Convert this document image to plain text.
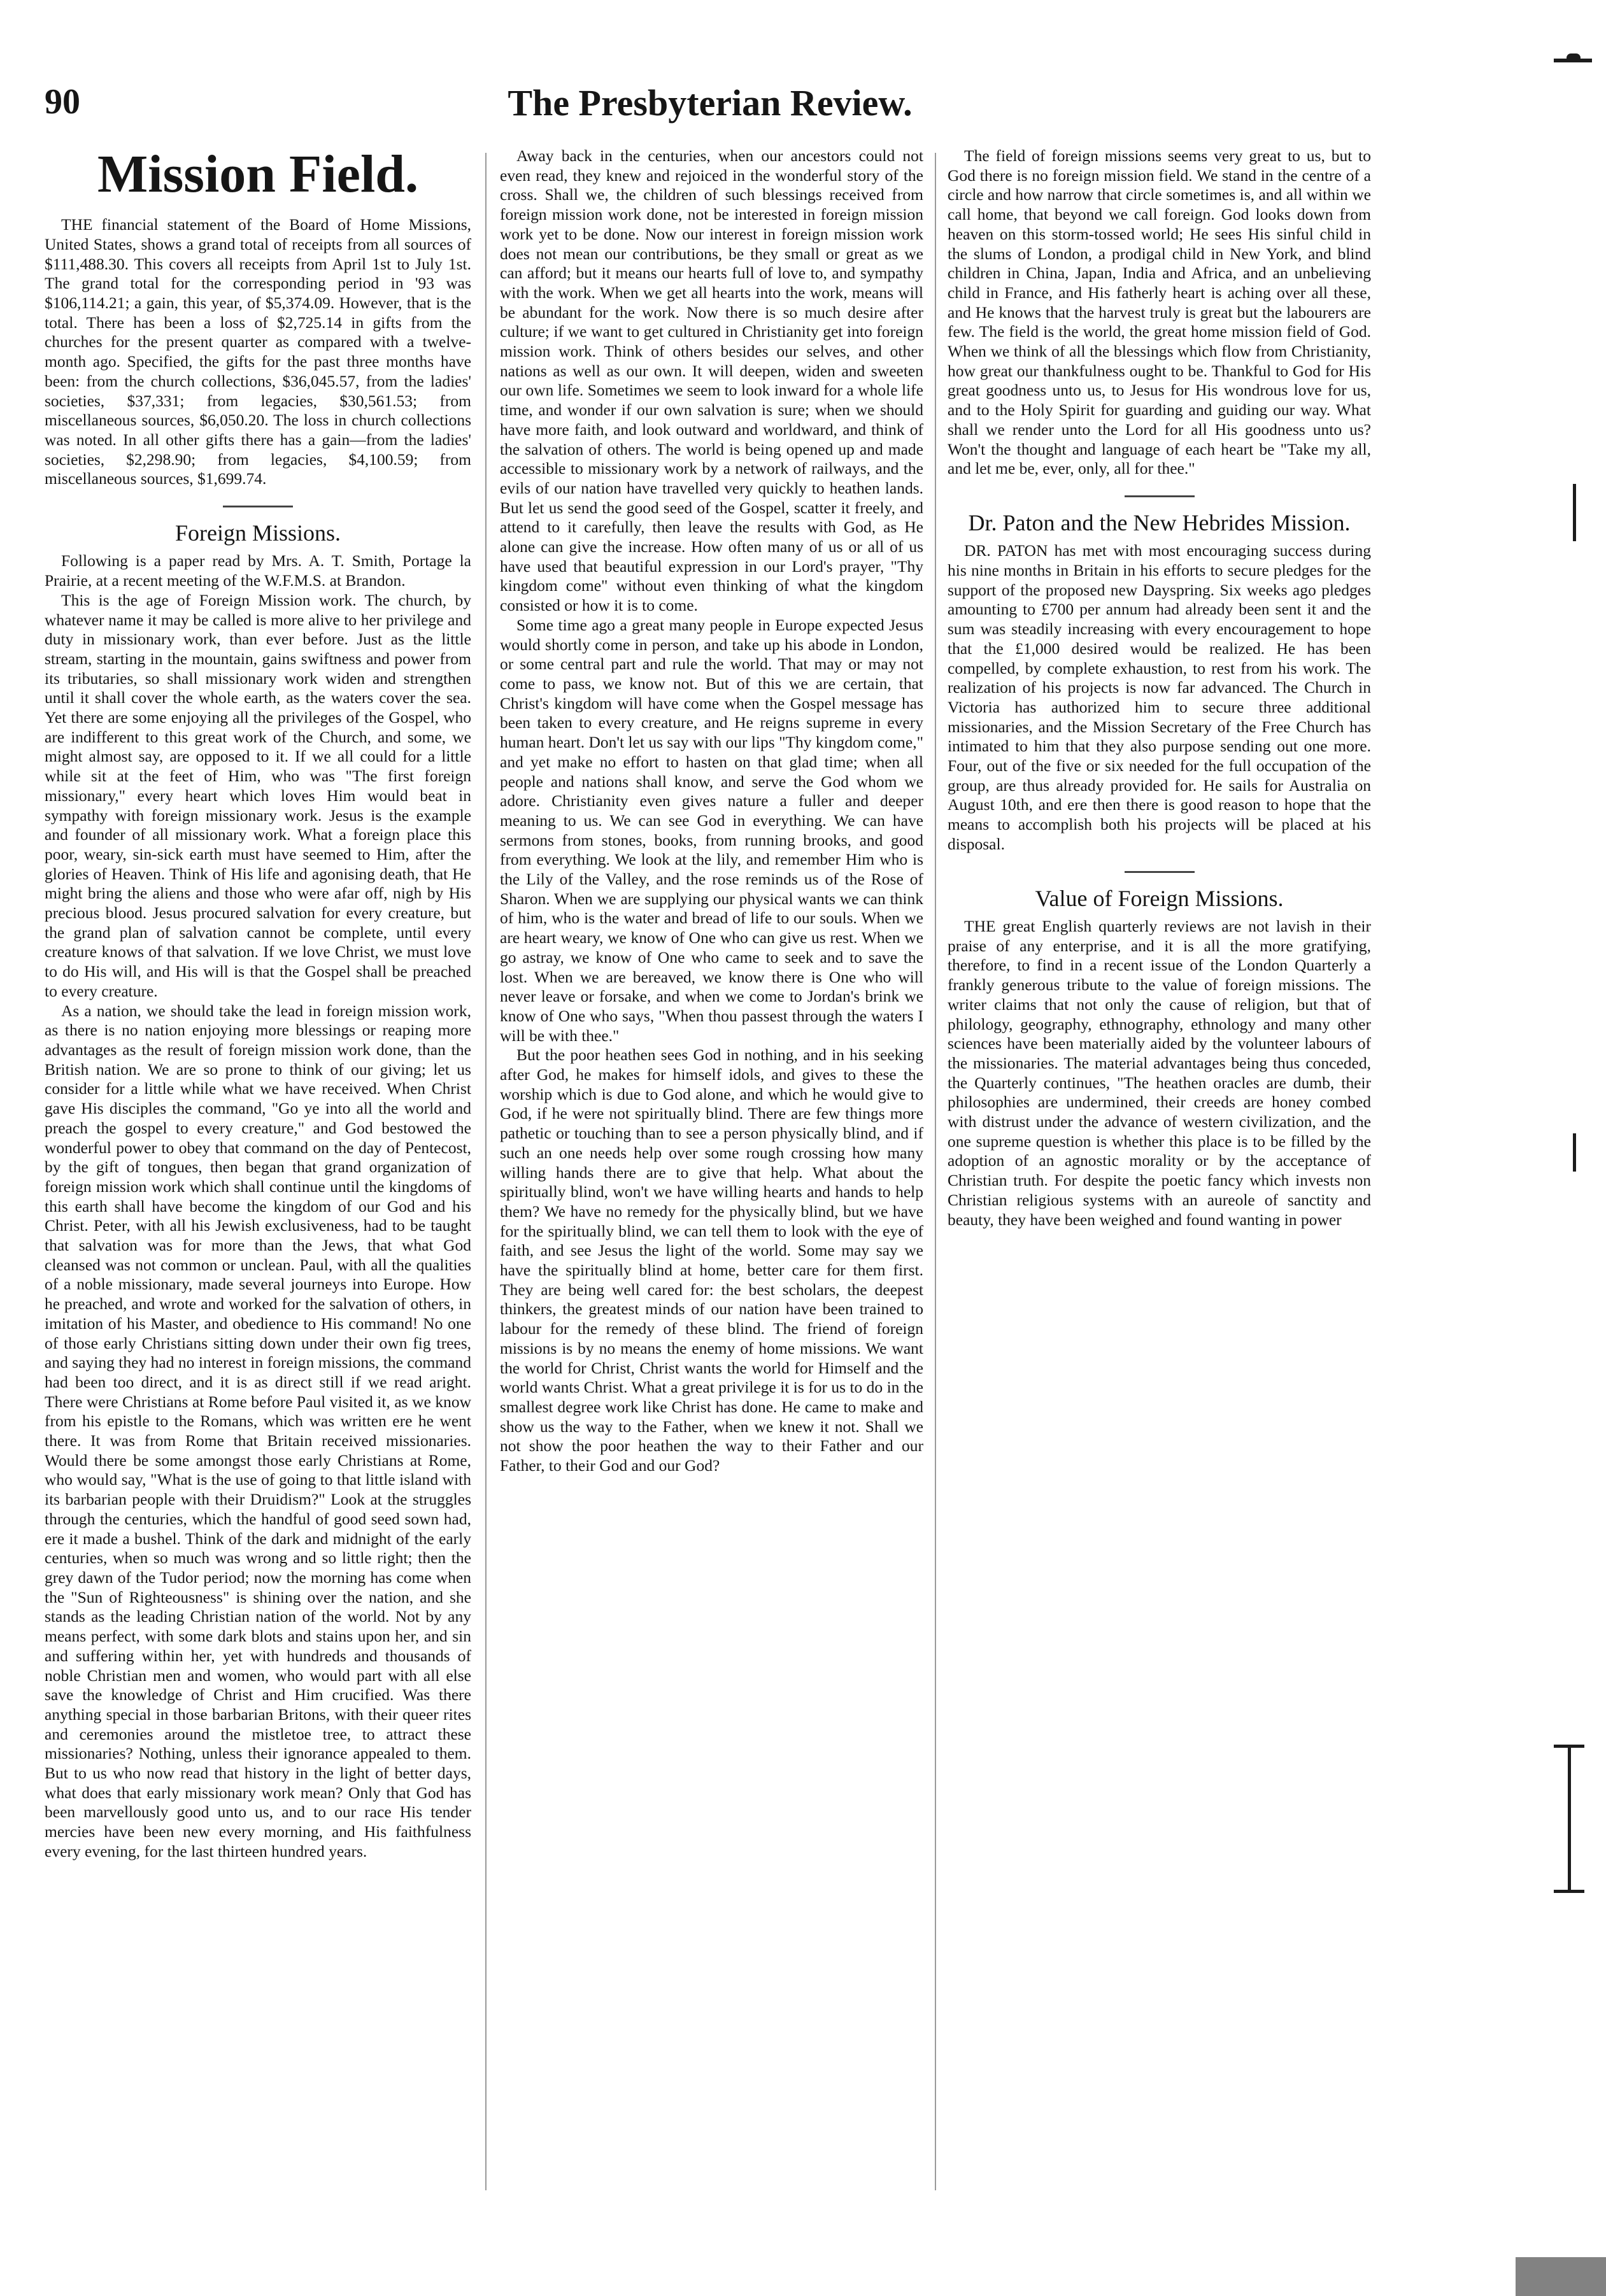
90	The Presbyterian Review.
Mission Field.

THE financial statement of the Board of Home Missions, United States, shows a grand total of receipts from all sources of $111,488.30. This covers all receipts from April 1st to July 1st. The grand total for the corresponding period in '93 was $106,114.21; a gain, this year, of $5,374.09. However, that is the total. There has been a loss of $2,725.14 in gifts from the churches for the present quarter as compared with a twelve-month ago. Specified, the gifts for the past three months have been: from the church collections, $36,045.57, from the ladies' societies, $37,331; from legacies, $30,561.53; from miscellaneous sources, $6,050.20. The loss in church collections was noted. In all other gifts there has a gain—from the ladies' societies, $2,298.90; from legacies, $4,100.59; from miscellaneous sources, $1,699.74.

Foreign Missions.

Following is a paper read by Mrs. A. T. Smith, Portage la Prairie, at a recent meeting of the W.F.M.S. at Brandon.

This is the age of Foreign Mission work. The church, by whatever name it may be called is more alive to her privilege and duty in missionary work, than ever before. Just as the little stream, starting in the mountain, gains swiftness and power from its tributaries, so shall missionary work widen and strengthen until it shall cover the whole earth, as the waters cover the sea. Yet there are some enjoying all the privileges of the Gospel, who are indifferent to this great work of the Church, and some, we might almost say, are opposed to it. If we all could for a little while sit at the feet of Him, who was "The first foreign missionary," every heart which loves Him would beat in sympathy with foreign missionary work. Jesus is the example and founder of all missionary work. What a foreign place this poor, weary, sin-sick earth must have seemed to Him, after the glories of Heaven. Think of His life and agonising death, that He might bring the aliens and those who were afar off, nigh by His precious blood. Jesus procured salvation for every creature, but the grand plan of salvation cannot be complete, until every creature knows of that salvation. If we love Christ, we must love to do His will, and His will is that the Gospel shall be preached to every creature.

As a nation, we should take the lead in foreign mission work, as there is no nation enjoying more blessings or reaping more advantages as the result of foreign mission work done, than the British nation. We are so prone to think of our giving; let us consider for a little while what we have received. When Christ gave His disciples the command, "Go ye into all the world and preach the gospel to every creature," and God bestowed the wonderful power to obey that command on the day of Pentecost, by the gift of tongues, then began that grand organization of foreign mission work which shall continue until the kingdoms of this earth shall have become the kingdom of our God and his Christ. Peter, with all his Jewish exclusiveness, had to be taught that salvation was for more than the Jews, that what God cleansed was not common or unclean. Paul, with all the qualities of a noble missionary, made several journeys into Europe. How he preached, and wrote and worked for the salvation of others, in imitation of his Master, and obedience to His command! No one of those early Christians sitting down under their own fig trees, and saying they had no interest in foreign missions, the command had been too direct, and it is as direct still if we read aright. There were Christians at Rome before Paul visited it, as we know from his epistle to the Romans, which was written ere he went there. It was from Rome that Britain received missionaries. Would there be some amongst those early Christians at Rome, who would say, "What is the use of going to that little island with its barbarian people with their Druidism?" Look at the struggles through the centuries, which the handful of good seed sown had, ere it made a bushel. Think of the dark and midnight of the early centuries, when so much was wrong and so little right; then the grey dawn of the Tudor period; now the morning has come when the "Sun of Righteousness" is shining over the nation, and she stands as the leading Christian nation of the world. Not by any means perfect, with some dark blots and stains upon her, and sin and suffering within her, yet with hundreds and thousands of noble Christian men and women, who would part with all else save the knowledge of Christ and Him crucified. Was there anything special in those barbarian Britons, with their queer rites and ceremonies around the mistletoe tree, to attract these missionaries? Nothing, unless their ignorance appealed to them. But to us who now read that history in the light of better days, what does that early missionary work mean? Only that God has been marvellously good unto us, and to our race His tender mercies have been new every morning, and His faithfulness every evening, for the last thirteen hundred years.

Away back in the centuries, when our ancestors could not even read, they knew and rejoiced in the wonderful story of the cross. Shall we, the children of such blessings received from foreign mission work done, not be interested in foreign mission work yet to be done. Now our interest in foreign mission work does not mean our contributions, be they small or great as we can afford; but it means our hearts full of love to, and sympathy with the work. When we get all hearts into the work, means will be abundant for the work. Now there is so much desire after culture; if we want to get cultured in Christianity get into foreign mission work. Think of others besides our selves, and other nations as well as our own. It will deepen, widen and sweeten our own life. Sometimes we seem to look inward for a whole life time, and wonder if our own salvation is sure; when we should have more faith, and look outward and worldward, and think of the salvation of others. The world is being opened up and made accessible to missionary work by a network of railways, and the evils of our nation have travelled very quickly to heathen lands. But let us send the good seed of the Gospel, scatter it freely, and attend to it carefully, then leave the results with God, as He alone can give the increase. How often many of us or all of us have used that beautiful expression in our Lord's prayer, "Thy kingdom come" without even thinking of what the kingdom consisted or how it is to come.

Some time ago a great many people in Europe expected Jesus would shortly come in person, and take up his abode in London, or some central part and rule the world. That may or may not come to pass, we know not. But of this we are certain, that Christ's kingdom will have come when the Gospel message has been taken to every creature, and He reigns supreme in every human heart. Don't let us say with our lips "Thy kingdom come," and yet make no effort to hasten on that glad time; when all people and nations shall know, and serve the God whom we adore. Christianity even gives nature a fuller and deeper meaning to us. We can see God in everything. We can have sermons from stones, books, from running brooks, and good from everything. We look at the lily, and remember Him who is the Lily of the Valley, and the rose reminds us of the Rose of Sharon. When we are supplying our physical wants we can think of him, who is the water and bread of life to our souls. When we are heart weary, we know of One who can give us rest. When we go astray, we know of One who came to seek and to save the lost. When we are bereaved, we know there is One who will never leave or forsake, and when we come to Jordan's brink we know of One who says, "When thou passest through the waters I will be with thee."

But the poor heathen sees God in nothing, and in his seeking after God, he makes for himself idols, and gives to these the worship which is due to God alone, and which he would give to God, if he were not spiritually blind. There are few things more pathetic or touching than to see a person physically blind, and if such an one needs help over some rough crossing how many willing hands there are to give that help. What about the spiritually blind, won't we have willing hearts and hands to help them? We have no remedy for the physically blind, but we have for the spiritually blind, we can tell them to look with the eye of faith, and see Jesus the light of the world. Some may say we have the spiritually blind at home, better care for them first. They are being well cared for: the best scholars, the deepest thinkers, the greatest minds of our nation have been trained to labour for the remedy of these blind. The friend of foreign missions is by no means the enemy of home missions. We want the world for Christ, Christ wants the world for Himself and the world wants Christ. What a great privilege it is for us to do in the smallest degree work like Christ has done. He came to make and show us the way to the Father, when we knew it not. Shall we not show the poor heathen the way to their Father and our Father, to their God and our God?

The field of foreign missions seems very great to us, but to God there is no foreign mission field. We stand in the centre of a circle and how narrow that circle sometimes is, and all within we call home, that beyond we call foreign. God looks down from heaven on this storm-tossed world; He sees His sinful child in the slums of London, a prodigal child in New York, and blind children in China, Japan, India and Africa, and an unbelieving child in France, and His fatherly heart is aching over all these, and He knows that the harvest truly is great but the labourers are few. The field is the world, the great home mission field of God. When we think of all the blessings which flow from Christianity, how great our thankfulness ought to be. Thankful to God for His great goodness unto us, to Jesus for His wondrous love for us, and to the Holy Spirit for guarding and guiding our way. What shall we render unto the Lord for all His goodness unto us? Won't the thought and language of each heart be "Take my all, and let me be, ever, only, all for thee."

Dr. Paton and the New Hebrides Mission.

DR. PATON has met with most encouraging success during his nine months in Britain in his efforts to secure pledges for the support of the proposed new Dayspring. Six weeks ago pledges amounting to £700 per annum had already been sent it and the sum was steadily increasing with every encouragement to hope that the £1,000 desired would be realized. He has been compelled, by complete exhaustion, to rest from his work. The realization of his projects is now far advanced. The Church in Victoria has authorized him to secure three additional missionaries, and the Mission Secretary of the Free Church has intimated to him that they also purpose sending out one more. Four, out of the five or six needed for the full occupation of the group, are thus already provided for. He sails for Australia on August 10th, and ere then there is good reason to hope that the means to accomplish both his projects will be placed at his disposal.

Value of Foreign Missions.

THE great English quarterly reviews are not lavish in their praise of any enterprise, and it is all the more gratifying, therefore, to find in a recent issue of the London Quarterly a frankly generous tribute to the value of foreign missions. The writer claims that not only the cause of religion, but that of philology, geography, ethnography, ethnology and many other sciences have been materially aided by the volunteer labours of the missionaries. The material advantages being thus conceded, the Quarterly continues, "The heathen oracles are dumb, their philosophies are undermined, their creeds are honey combed with distrust under the advance of western civilization, and the one supreme question is whether this place is to be filled by the adoption of an agnostic morality or by the acceptance of Christian truth. For despite the poetic fancy which invests non Christian religious systems with an aureole of sanctity and beauty, they have been weighed and found wanting in power
